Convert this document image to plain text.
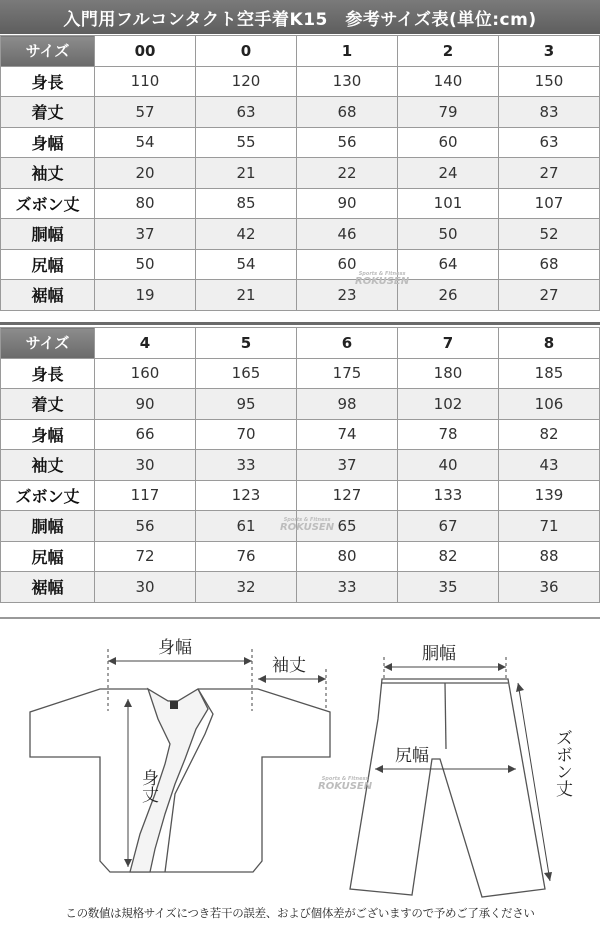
入門用フルコンタクト空手着K15　参考サイズ表(単位:cm)
サイズ	00	0	1	2	3
身長	110	120	130	140	150
着丈	57	63	68	79	83
身幅	54	55	56	60	63
袖丈	20	21	22	24	27
ズボン丈	80	85	90	101	107
胴幅	37	42	46	50	52
尻幅	50	54	60	64	68
裾幅	19	21	23	26	27
サイズ	4	5	6	7	8
身長	160	165	175	180	185
着丈	90	95	98	102	106
身幅	66	70	74	78	82
袖丈	30	33	37	40	43
ズボン丈	117	123	127	133	139
胴幅	56	61	65	67	71
尻幅	72	76	80	82	88
裾幅	30	32	33	35	36
Sports & Fitness
ROKUSEN
Sports & Fitness
ROKUSEN
身幅
袖丈
身丈
胴幅
尻幅	ズボン丈
Sports & Fitness
ROKUSEN
この数値は規格サイズにつき若干の誤差、および個体差がございますので予めご了承ください
